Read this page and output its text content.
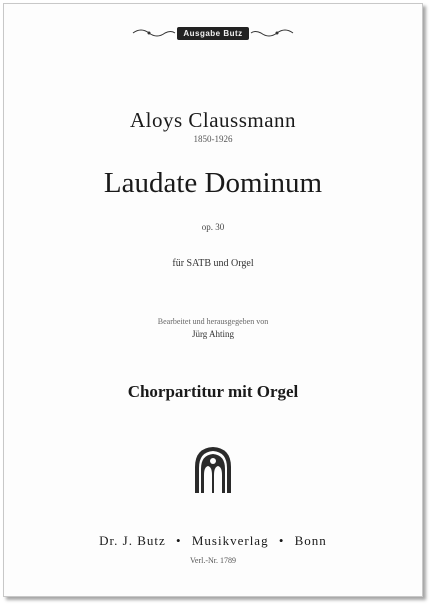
Ausgabe Butz
Aloys Claussmann
1850-1926
Laudate Dominum
op. 30
für SATB und Orgel
Bearbeitet und herausgegeben von
Jürg Ahting
Chorpartitur mit Orgel
Dr. J. Butz • Musikverlag • Bonn
Verl.-Nr. 1789
